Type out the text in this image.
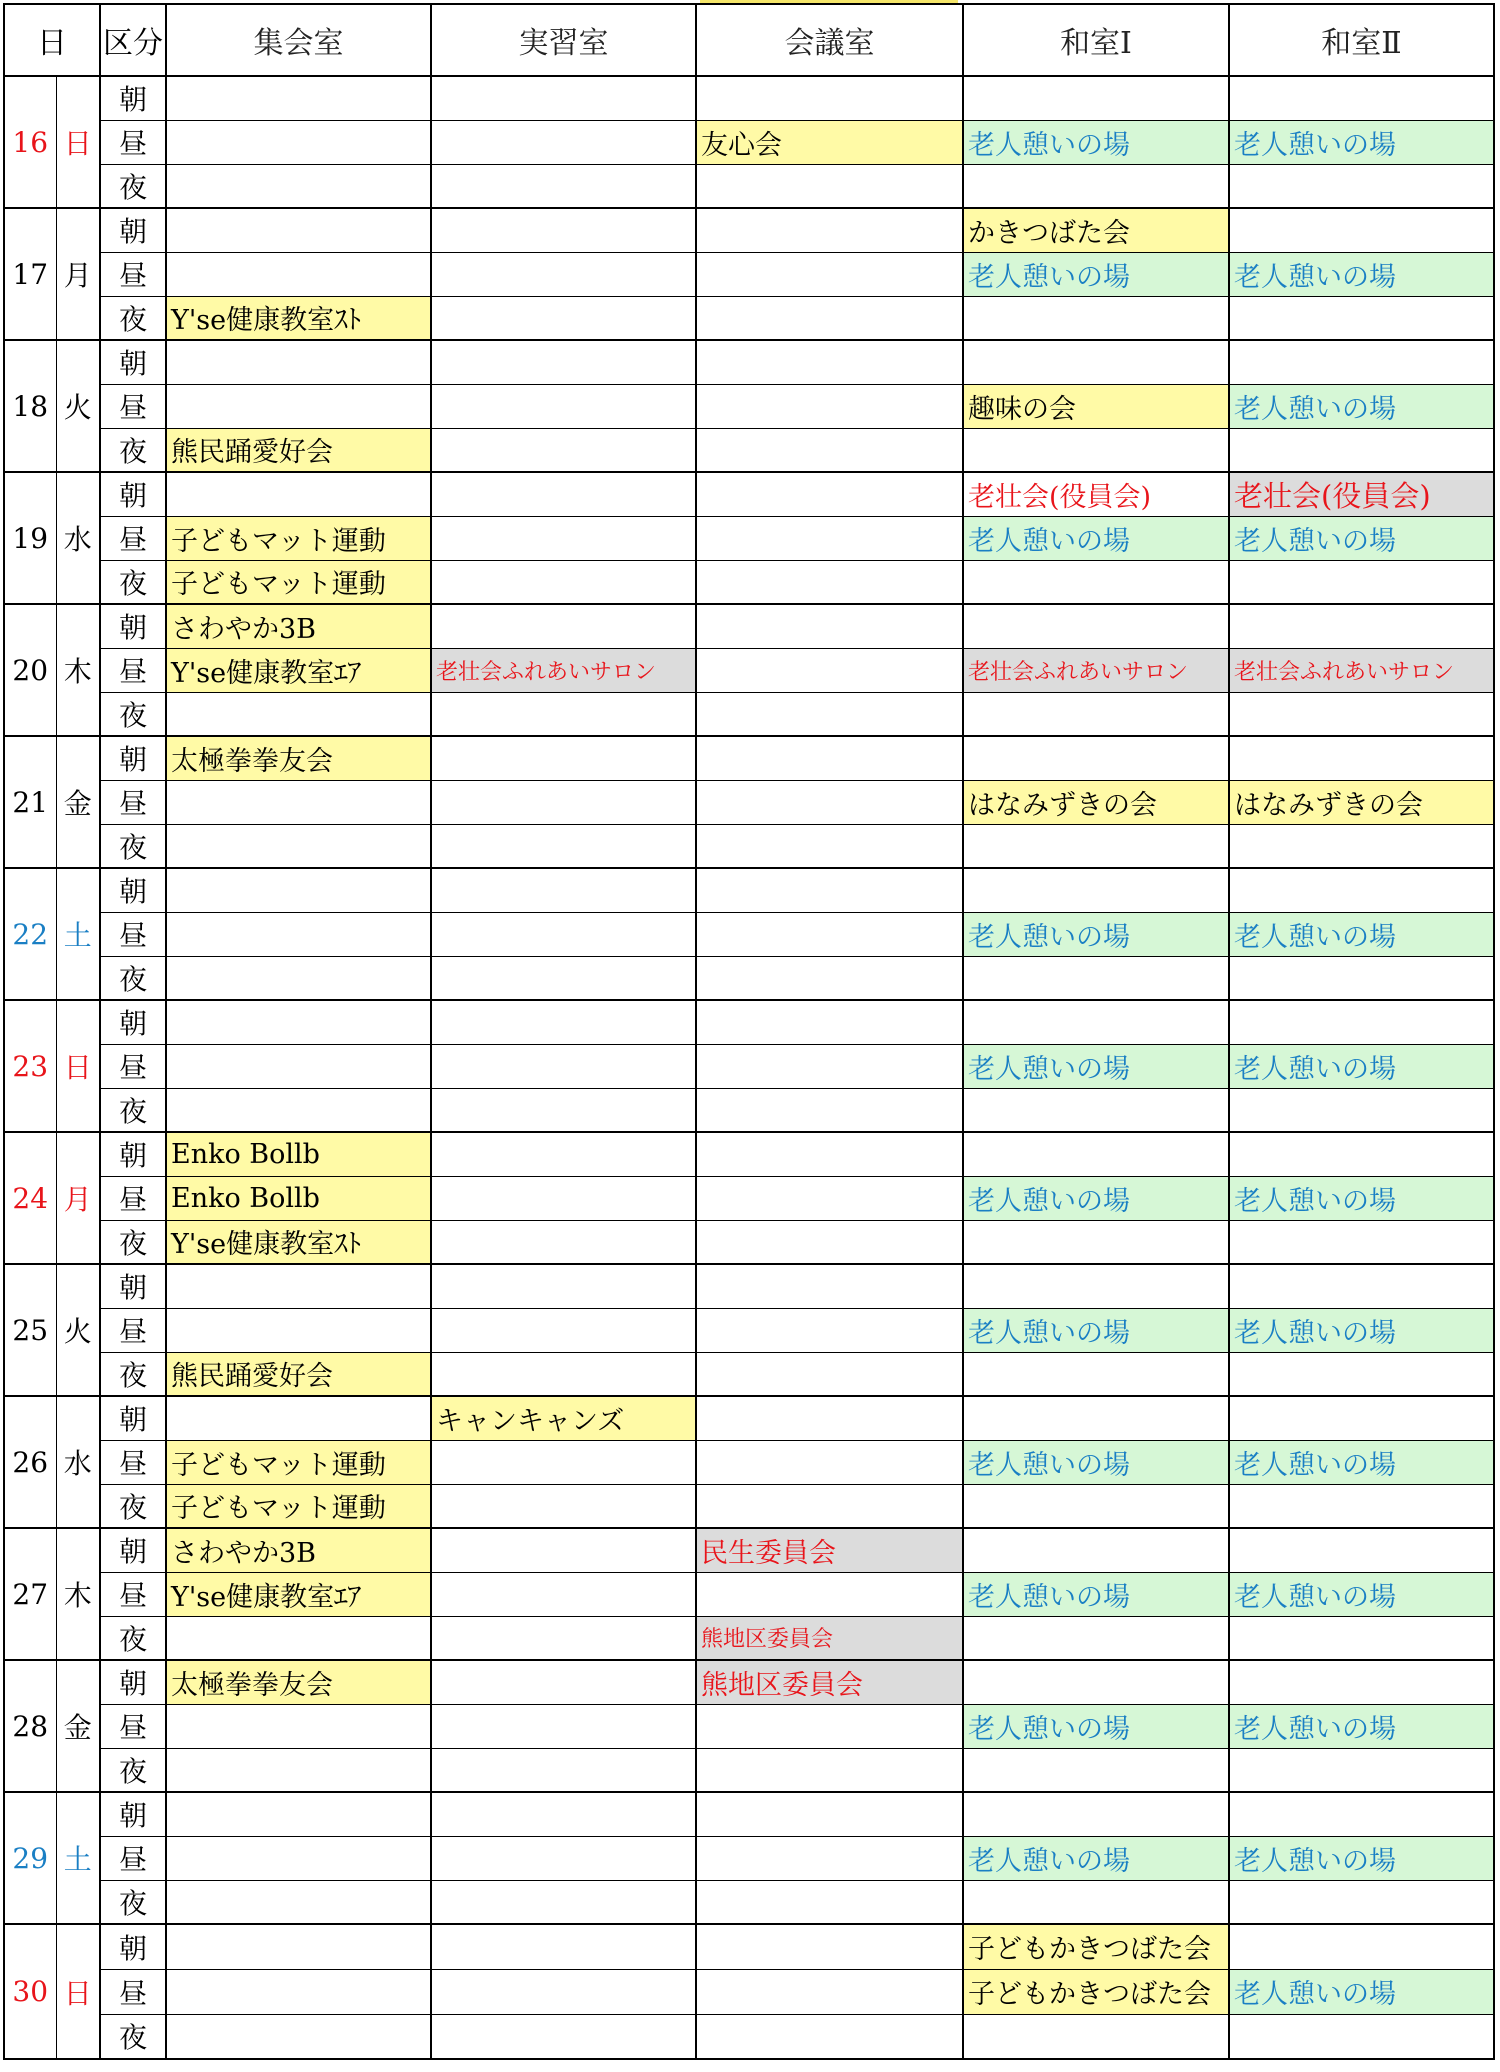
日		区分	集会室	実習室	会議室	和室Ⅰ	和室Ⅱ
16	日	朝					
		昼			友心会	老人憩いの場	老人憩いの場
		夜					
17	月	朝				かきつばた会	
		昼				老人憩いの場	老人憩いの場
		夜	Y'se健康教室ｽﾄ				
18	火	朝					
		昼				趣味の会	老人憩いの場
		夜	熊民踊愛好会				
19	水	朝				老壮会(役員会)	老壮会(役員会)
		昼	子どもマット運動			老人憩いの場	老人憩いの場
		夜	子どもマット運動				
20	木	朝	さわやか3B				
		昼	Y'se健康教室ｴｱ	老壮会ふれあいサロン		老壮会ふれあいサロン	老壮会ふれあいサロン
		夜					
21	金	朝	太極拳拳友会				
		昼				はなみずきの会	はなみずきの会
		夜					
22	土	朝					
		昼				老人憩いの場	老人憩いの場
		夜					
23	日	朝					
		昼				老人憩いの場	老人憩いの場
		夜					
24	月	朝	Enko Bollb				
		昼	Enko Bollb			老人憩いの場	老人憩いの場
		夜	Y'se健康教室ｽﾄ				
25	火	朝					
		昼				老人憩いの場	老人憩いの場
		夜	熊民踊愛好会				
26	水	朝		キャンキャンズ			
		昼	子どもマット運動			老人憩いの場	老人憩いの場
		夜	子どもマット運動				
27	木	朝	さわやか3B		民生委員会		
		昼	Y'se健康教室ｴｱ			老人憩いの場	老人憩いの場
		夜			熊地区委員会		
28	金	朝	太極拳拳友会		熊地区委員会		
		昼				老人憩いの場	老人憩いの場
		夜					
29	土	朝					
		昼				老人憩いの場	老人憩いの場
		夜					
30	日	朝				子どもかきつばた会	
		昼				子どもかきつばた会	老人憩いの場
		夜					
